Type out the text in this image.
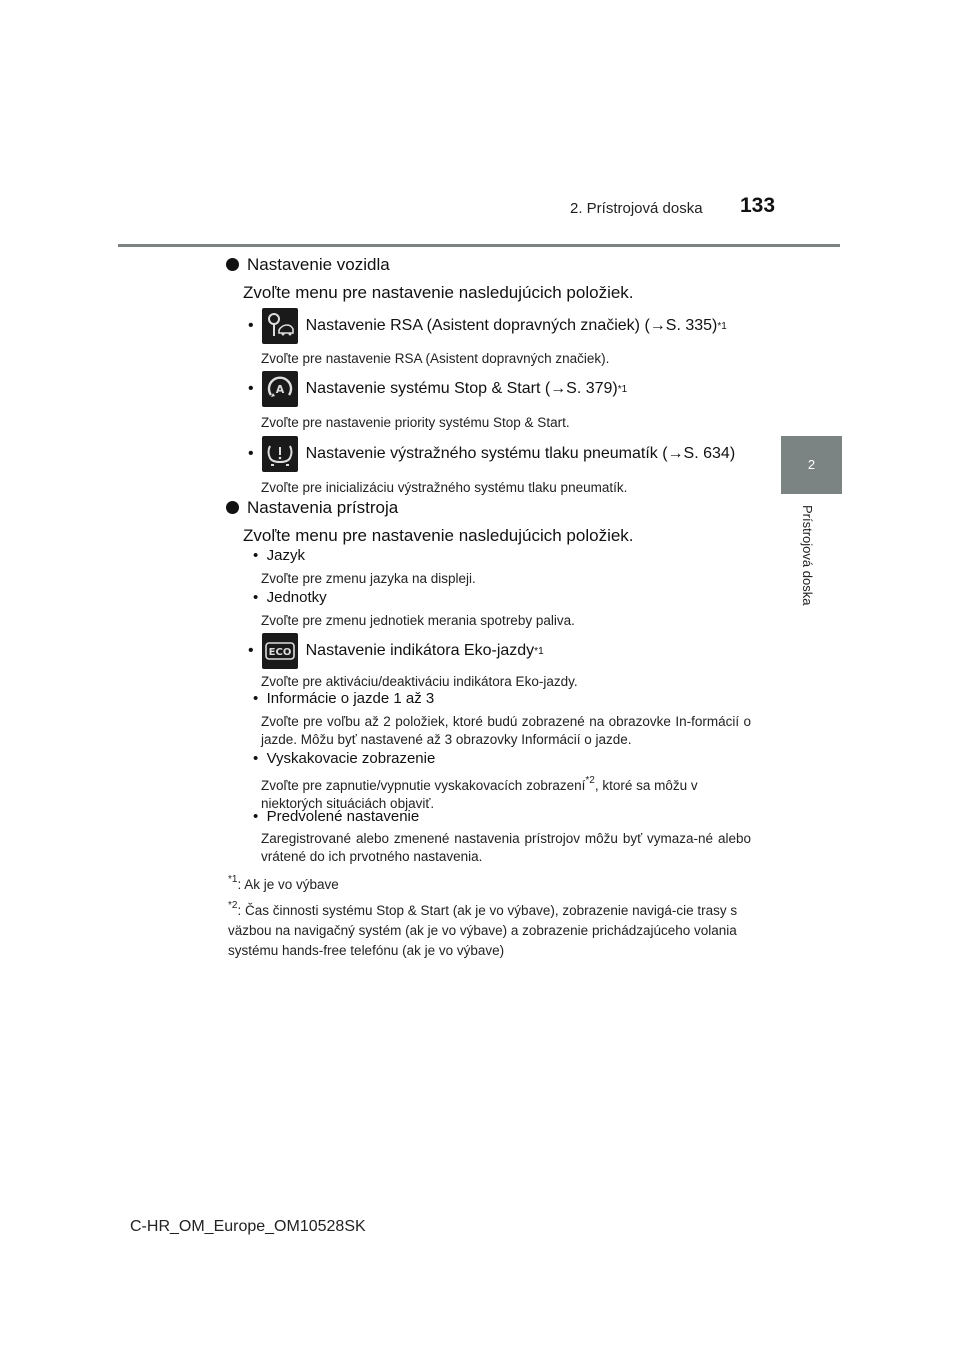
2. Prístrojová doska 133
2
Prístrojová doska
Nastavenie vozidla
Zvoľte menu pre nastavenie nasledujúcich položiek.
•	Nastavenie RSA (Asistent dopravných značiek) (→S. 335) *1
Zvoľte pre nastavenie RSA (Asistent dopravných značiek).
• A Nastavenie systému Stop & Start (→S. 379) *1
Zvoľte pre nastavenie priority systému Stop & Start.
•	Nastavenie výstražného systému tlaku pneumatík (→S. 634)
Zvoľte pre inicializáciu výstražného systému tlaku pneumatík.
Nastavenia prístroja
Zvoľte menu pre nastavenie nasledujúcich položiek.
• Jazyk
Zvoľte pre zmenu jazyka na displeji.
• Jednotky
Zvoľte pre zmenu jednotiek merania spotreby paliva.
• ECO Nastavenie indikátora Eko-jazdy *1
Zvoľte pre aktiváciu/deaktiváciu indikátora Eko-jazdy.
• Informácie o jazde 1 až 3
Zvoľte pre voľbu až 2 položiek, ktoré budú zobrazené na obrazovke In-formácií o jazde. Môžu byť nastavené až 3 obrazovky Informácií o jazde.
• Vyskakovacie zobrazenie
Zvoľte pre zapnutie/vypnutie vyskakovacích zobrazení$^{*2}$, ktoré sa môžu v niektorých situáciách objaviť.
• Predvolené nastavenie
Zaregistrované alebo zmenené nastavenia prístrojov môžu byť vymaza-né alebo vrátené do ich prvotného nastavenia.
$^{*1}$: Ak je vo výbave
$^{*2}$: Čas činnosti systému Stop & Start (ak je vo výbave), zobrazenie navigá-cie trasy s väzbou na navigačný systém (ak je vo výbave) a zobrazenie prichádzajúceho volania systému hands-free telefónu (ak je vo výbave)
C-HR_OM_Europe_OM10528SK
